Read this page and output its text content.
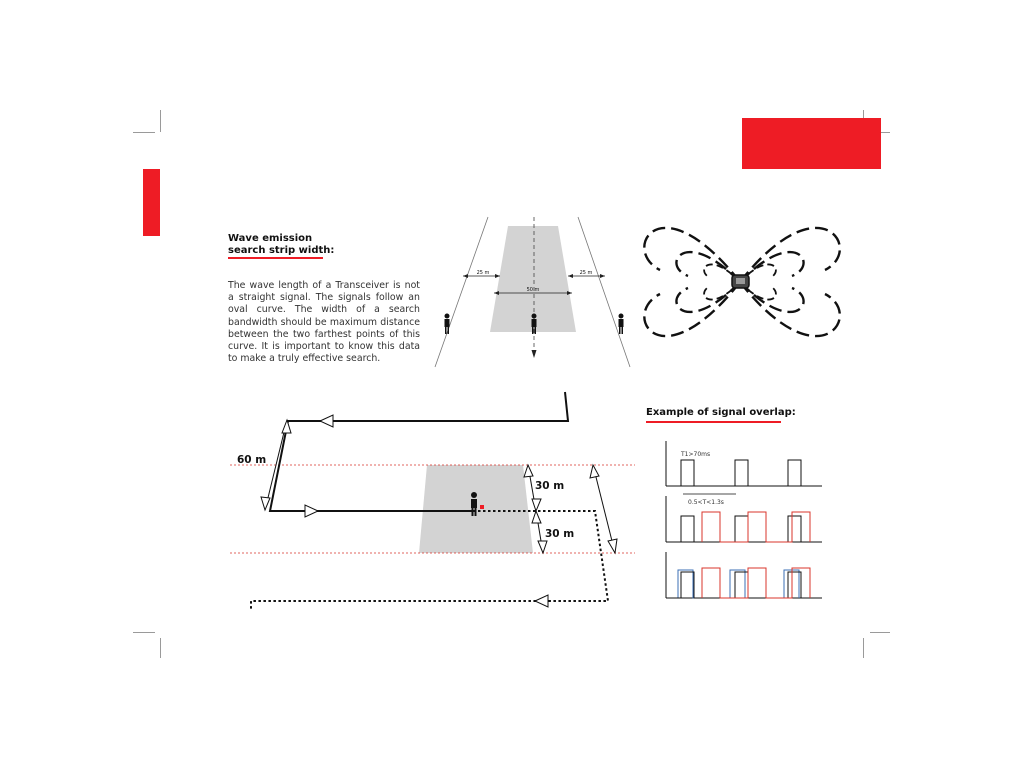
Wave emission
search strip width:
The wave length of a Transceiver is not a straight signal. The signals follow an oval curve. The width of a search bandwidth should be maximum distance between the two farthest points of this curve. It is important to know this data to make a truly effective search.
25 m
50 m
25 m
60 m
30 m
30 m
Example of signal overlap:
T1>70ms
0.5<T<1.3s
